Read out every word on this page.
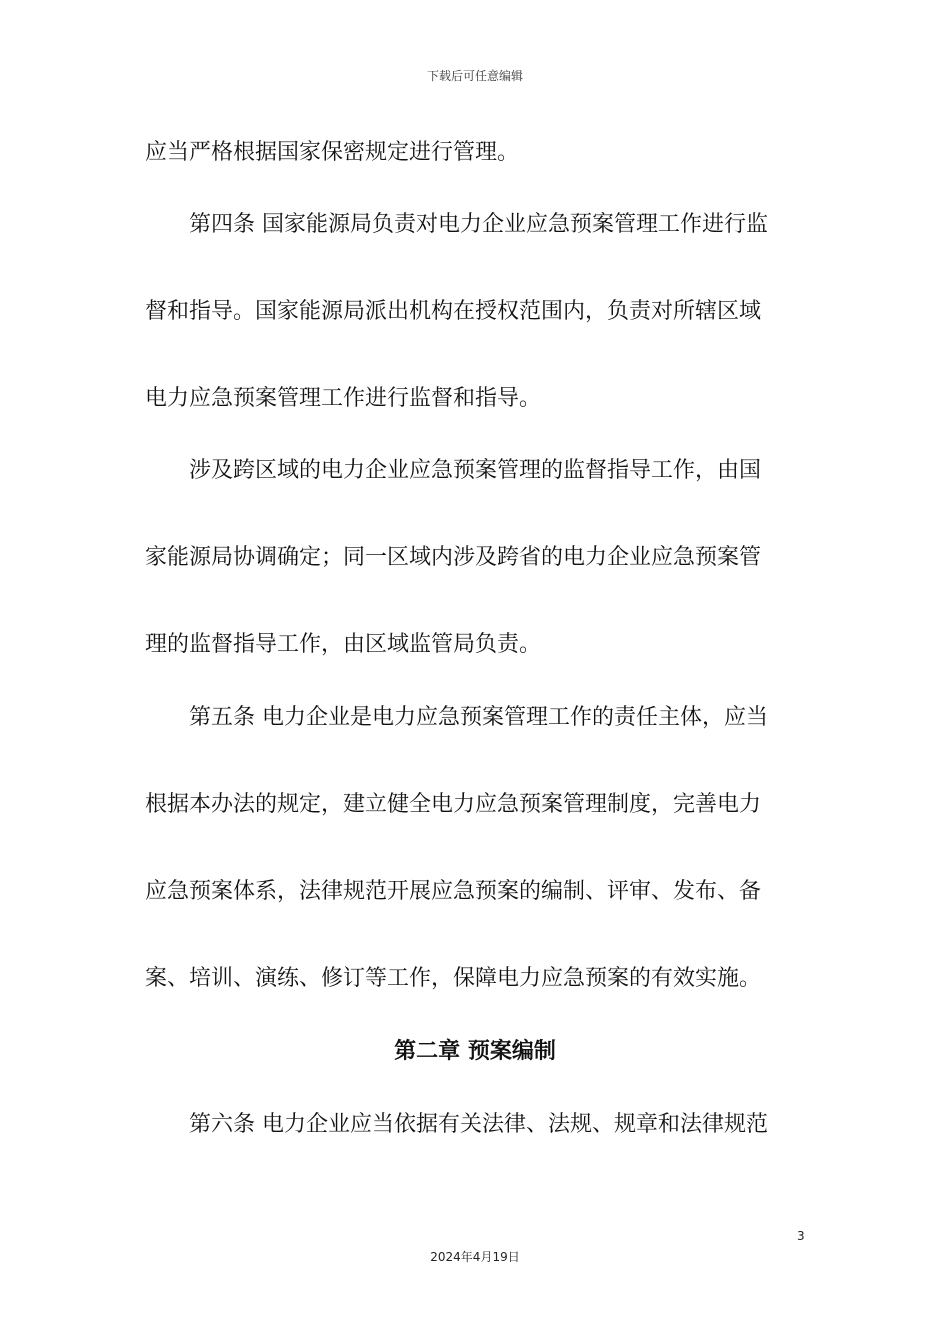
下载后可任意编辑
应当严格根据国家保密规定进行管理。
　　第四条 国家能源局负责对电力企业应急预案管理工作进行监
督和指导。国家能源局派出机构在授权范围内，负责对所辖区域
电力应急预案管理工作进行监督和指导。
　　涉及跨区域的电力企业应急预案管理的监督指导工作，由国
家能源局协调确定；同一区域内涉及跨省的电力企业应急预案管
理的监督指导工作，由区域监管局负责。
　　第五条 电力企业是电力应急预案管理工作的责任主体，应当
根据本办法的规定，建立健全电力应急预案管理制度，完善电力
应急预案体系，法律规范开展应急预案的编制、评审、发布、备
案、培训、演练、修订等工作，保障电力应急预案的有效实施。
第二章 预案编制
　　第六条 电力企业应当依据有关法律、法规、规章和法律规范
3
2024年4月19日
